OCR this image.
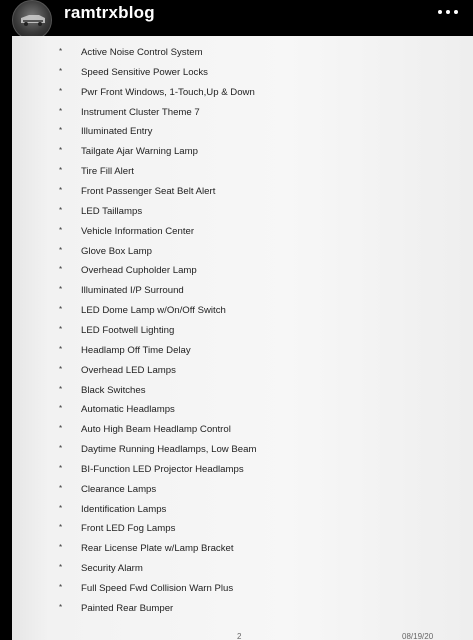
ramtrxblog
* Active Noise Control System
* Speed Sensitive Power Locks
* Pwr Front Windows, 1-Touch,Up & Down
* Instrument Cluster Theme 7
* Illuminated Entry
* Tailgate Ajar Warning Lamp
* Tire Fill Alert
* Front Passenger Seat Belt Alert
* LED Taillamps
* Vehicle Information Center
* Glove Box Lamp
* Overhead Cupholder Lamp
* Illuminated I/P Surround
* LED Dome Lamp w/On/Off Switch
* LED Footwell Lighting
* Headlamp Off Time Delay
* Overhead LED Lamps
* Black Switches
* Automatic Headlamps
* Auto High Beam Headlamp Control
* Daytime Running Headlamps, Low Beam
* BI-Function LED Projector Headlamps
* Clearance Lamps
* Identification Lamps
* Front LED Fog Lamps
* Rear License Plate w/Lamp Bracket
* Security Alarm
* Full Speed Fwd Collision Warn Plus
* Painted Rear Bumper
2	08/19/20
